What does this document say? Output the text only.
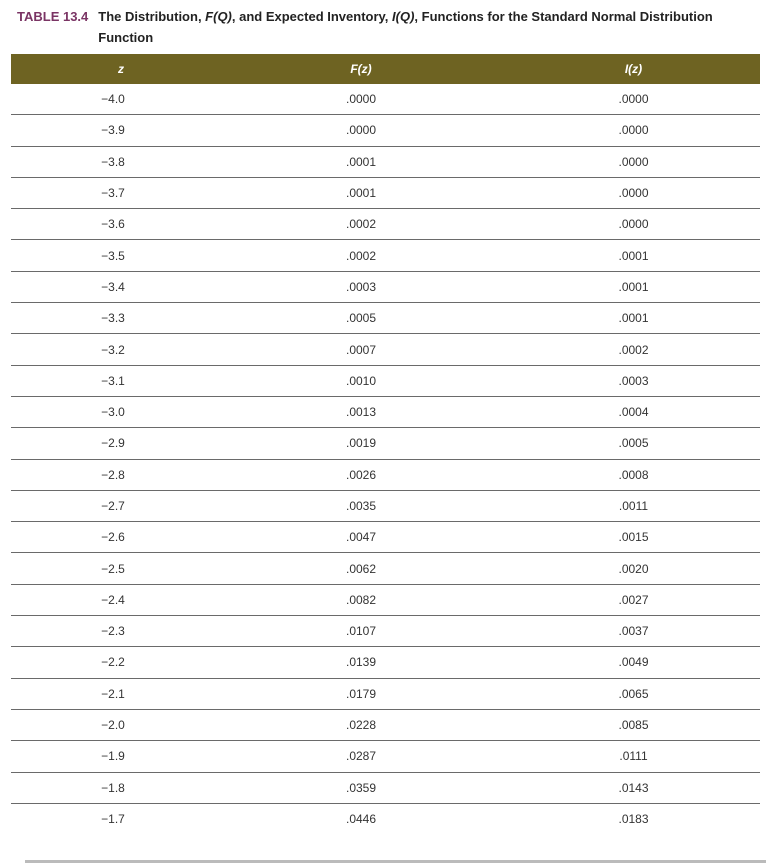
TABLE 13.4 The Distribution, F(Q), and Expected Inventory, I(Q), Functions for the Standard Normal Distribution Function
z	F(z)	I(z)
−4.0	.0000	.0000
−3.9	.0000	.0000
−3.8	.0001	.0000
−3.7	.0001	.0000
−3.6	.0002	.0000
−3.5	.0002	.0001
−3.4	.0003	.0001
−3.3	.0005	.0001
−3.2	.0007	.0002
−3.1	.0010	.0003
−3.0	.0013	.0004
−2.9	.0019	.0005
−2.8	.0026	.0008
−2.7	.0035	.0011
−2.6	.0047	.0015
−2.5	.0062	.0020
−2.4	.0082	.0027
−2.3	.0107	.0037
−2.2	.0139	.0049
−2.1	.0179	.0065
−2.0	.0228	.0085
−1.9	.0287	.0111
−1.8	.0359	.0143
−1.7	.0446	.0183
